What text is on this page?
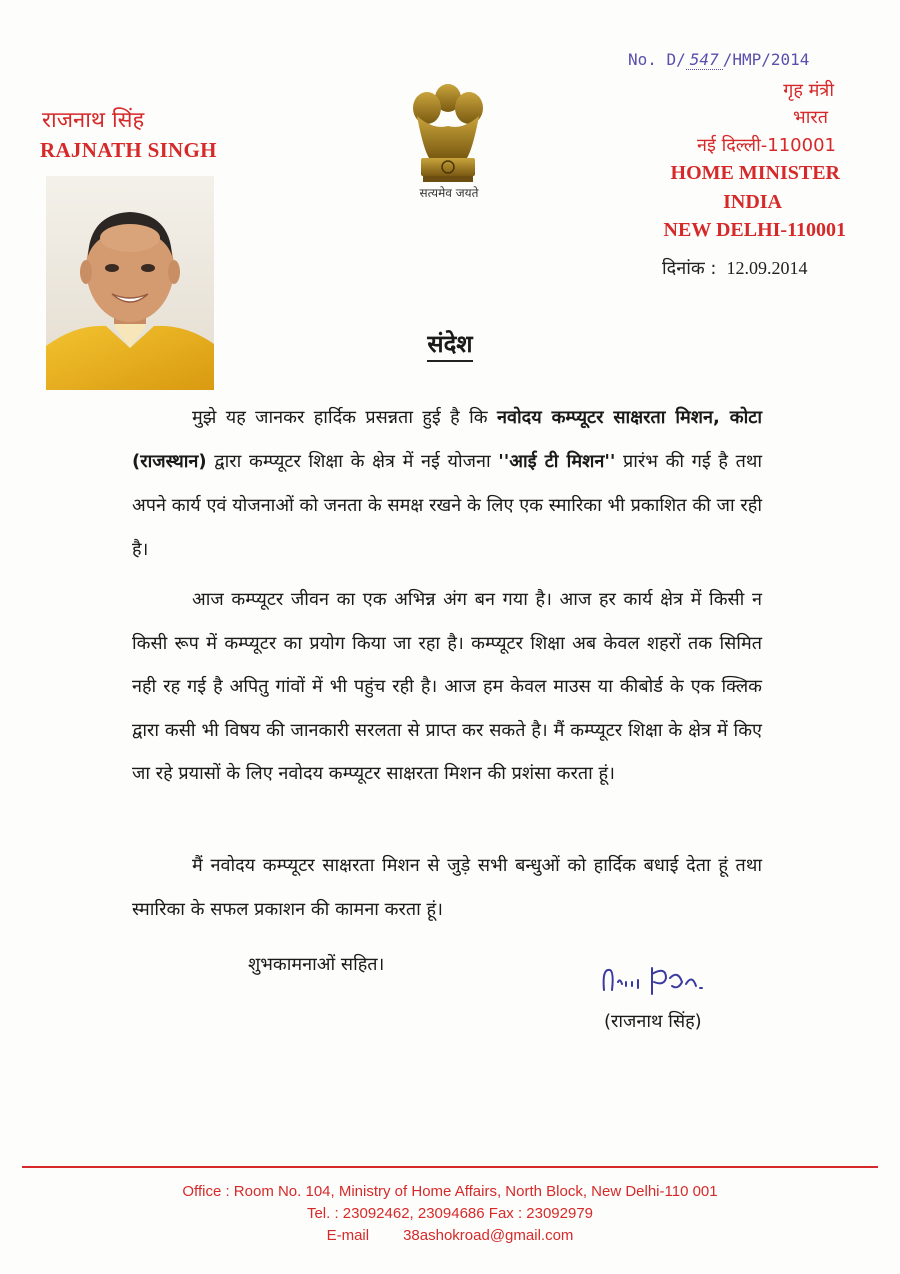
राजनाथ सिंह
RAJNATH SINGH
सत्यमेव जयते
No. D/ 547 /HMP/2014
गृह मंत्री
भारत
नई दिल्ली-110001
HOME MINISTER
INDIA
NEW DELHI-110001
दिनांक : 12.09.2014
संदेश
मुझे यह जानकर हार्दिक प्रसन्नता हुई है कि नवोदय कम्प्यूटर साक्षरता मिशन, कोटा (राजस्थान) द्वारा कम्प्यूटर शिक्षा के क्षेत्र में नई योजना ''आई टी मिशन'' प्रारंभ की गई है तथा अपने कार्य एवं योजनाओं को जनता के समक्ष रखने के लिए एक स्मारिका भी प्रकाशित की जा रही है।
आज कम्प्यूटर जीवन का एक अभिन्न अंग बन गया है। आज हर कार्य क्षेत्र में किसी न किसी रूप में कम्प्यूटर का प्रयोग किया जा रहा है। कम्प्यूटर शिक्षा अब केवल शहरों तक सिमित नही रह गई है अपितु गांवों में भी पहुंच रही है। आज हम केवल माउस या कीबोर्ड के एक क्लिक द्वारा कसी भी विषय की जानकारी सरलता से प्राप्त कर सकते है। मैं कम्प्यूटर शिक्षा के क्षेत्र में किए जा रहे प्रयासों के लिए नवोदय कम्प्यूटर साक्षरता मिशन की प्रशंसा करता हूं।
मैं नवोदय कम्प्यूटर साक्षरता मिशन से जुड़े सभी बन्धुओं को हार्दिक बधाई देता हूं तथा स्मारिका के सफल प्रकाशन की कामना करता हूं।
शुभकामनाओं सहित।
(राजनाथ सिंह)
Office : Room No. 104, Ministry of Home Affairs, North Block, New Delhi-110 001
Tel. : 23092462, 23094686 Fax : 23092979
E-mail 38ashokroad@gmail.com
